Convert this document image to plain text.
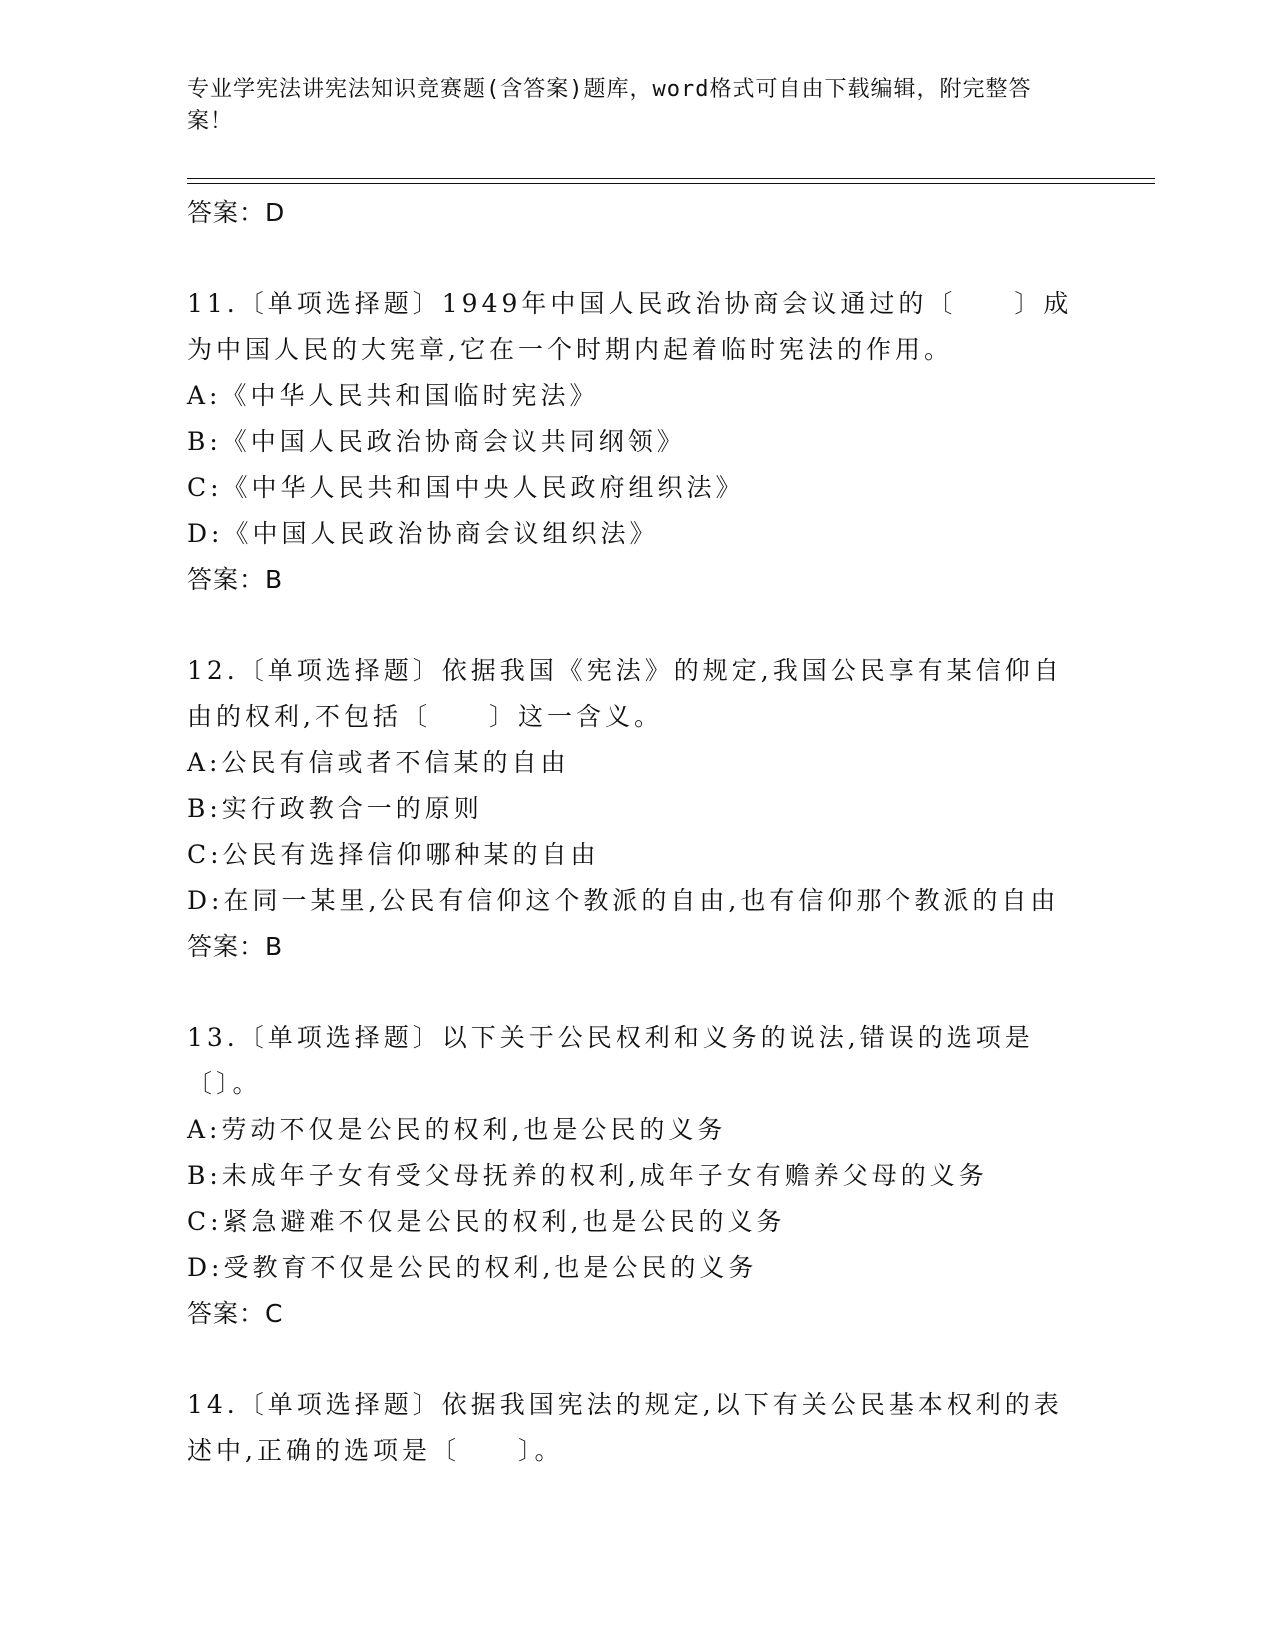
专业学宪法讲宪法知识竞赛题(含答案)题库，word格式可自由下载编辑，附完整答案！
答案：D
11.〔单项选择题〕1949年中国人民政治协商会议通过的〔　　〕成为中国人民的大宪章,它在一个时期内起着临时宪法的作用。
A:《中华人民共和国临时宪法》
B:《中国人民政治协商会议共同纲领》
C:《中华人民共和国中央人民政府组织法》
D:《中国人民政治协商会议组织法》
答案：B
12.〔单项选择题〕依据我国《宪法》的规定,我国公民享有某信仰自由的权利,不包括〔　　〕这一含义。
A:公民有信或者不信某的自由
B:实行政教合一的原则
C:公民有选择信仰哪种某的自由
D:在同一某里,公民有信仰这个教派的自由,也有信仰那个教派的自由
答案：B
13.〔单项选择题〕以下关于公民权利和义务的说法,错误的选项是〔〕。
A:劳动不仅是公民的权利,也是公民的义务
B:未成年子女有受父母抚养的权利,成年子女有赡养父母的义务
C:紧急避难不仅是公民的权利,也是公民的义务
D:受教育不仅是公民的权利,也是公民的义务
答案：C
14.〔单项选择题〕依据我国宪法的规定,以下有关公民基本权利的表述中,正确的选项是〔　　〕。
